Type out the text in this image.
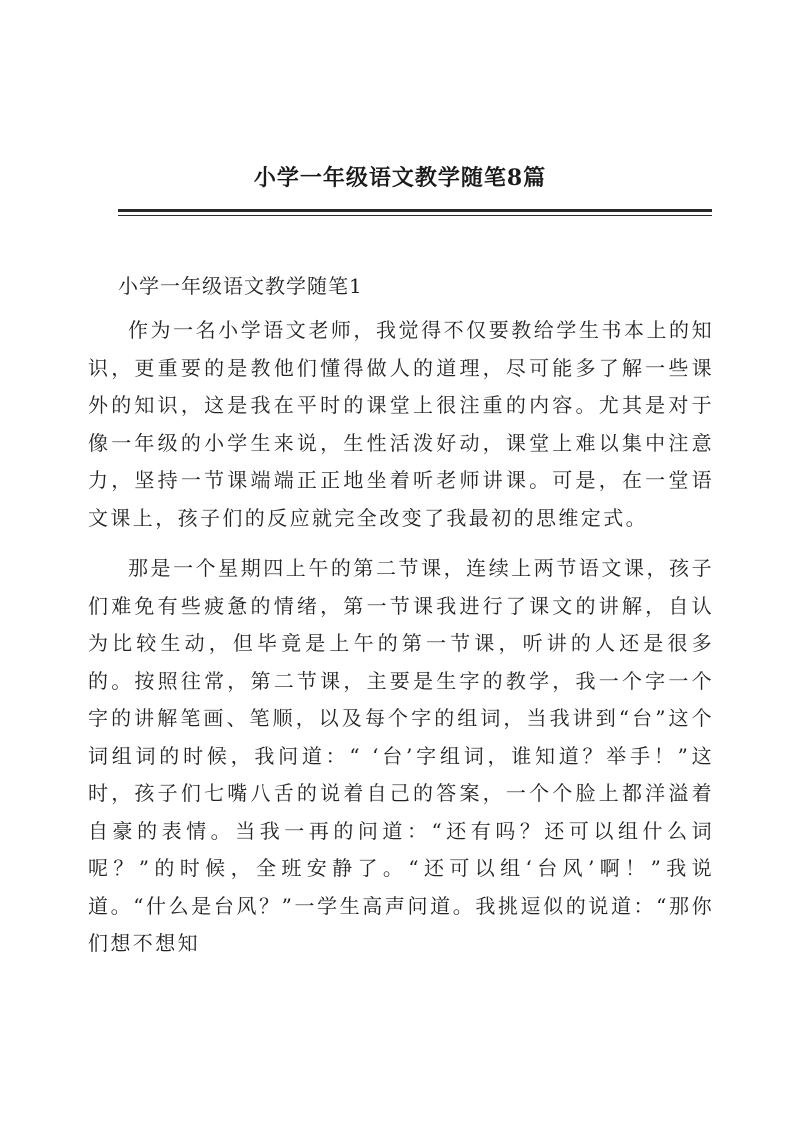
小学一年级语文教学随笔8篇
小学一年级语文教学随笔1

作为一名小学语文老师，我觉得不仅要教给学生书本上的知识，更重要的是教他们懂得做人的道理，尽可能多了解一些课外的知识，这是我在平时的课堂上很注重的内容。尤其是对于像一年级的小学生来说，生性活泼好动，课堂上难以集中注意力，坚持一节课端端正正地坐着听老师讲课。可是，在一堂语文课上，孩子们的反应就完全改变了我最初的思维定式。

那是一个星期四上午的第二节课，连续上两节语文课，孩子们难免有些疲惫的情绪，第一节课我进行了课文的讲解，自认为比较生动，但毕竟是上午的第一节课，听讲的人还是很多的。按照往常，第二节课，主要是生字的教学，我一个字一个字的讲解笔画、笔顺，以及每个字的组词，当我讲到“台”这个词组词的时候，我问道：“ ‘台’字组词，谁知道？举手！”这时，孩子们七嘴八舌的说着自己的答案，一个个脸上都洋溢着自豪的表情。当我一再的问道：“还有吗？还可以组什么词呢？”的时候，全班安静了。“还可以组‘台风’啊！”我说道。“什么是台风？”一学生高声问道。我挑逗似的说道：“那你们想不想知
